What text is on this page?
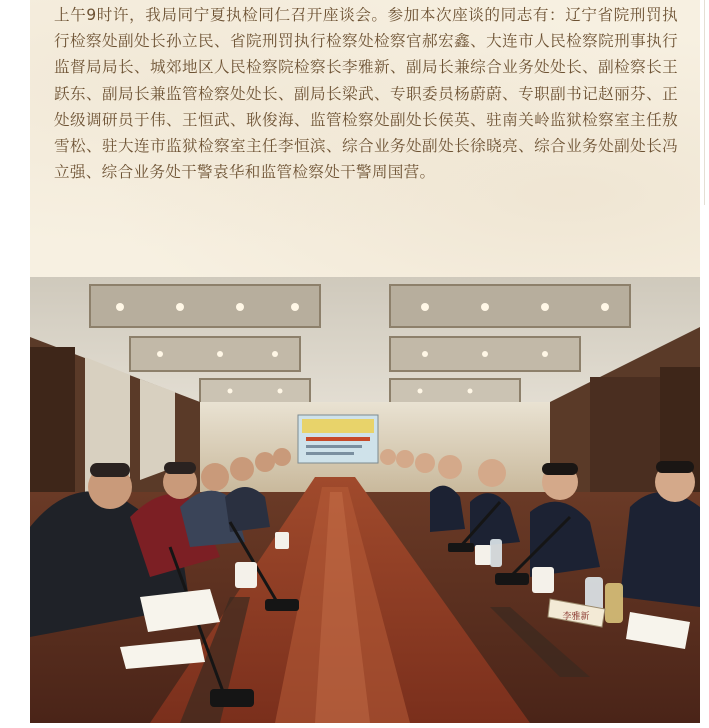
上午9时许，我局同宁夏执检同仁召开座谈会。参加本次座谈的同志有：辽宁省院刑罚执行检察处副处长孙立民、省院刑罚执行检察处检察官郝宏鑫、大连市人民检察院刑事执行监督局局长、城郊地区人民检察院检察长李雅新、副局长兼综合业务处处长、副检察长王跃东、副局长兼监管检察处处长、副局长梁武、专职委员杨蔚蔚、专职副书记赵丽芬、正处级调研员于伟、王恒武、耿俊海、监管检察处副处长侯英、驻南关岭监狱检察室主任敖雪松、驻大连市监狱检察室主任李恒滨、综合业务处副处长徐晓亮、综合业务处副处长冯立强、综合业务处干警袁华和监管检察处干警周国营。

李雅新
